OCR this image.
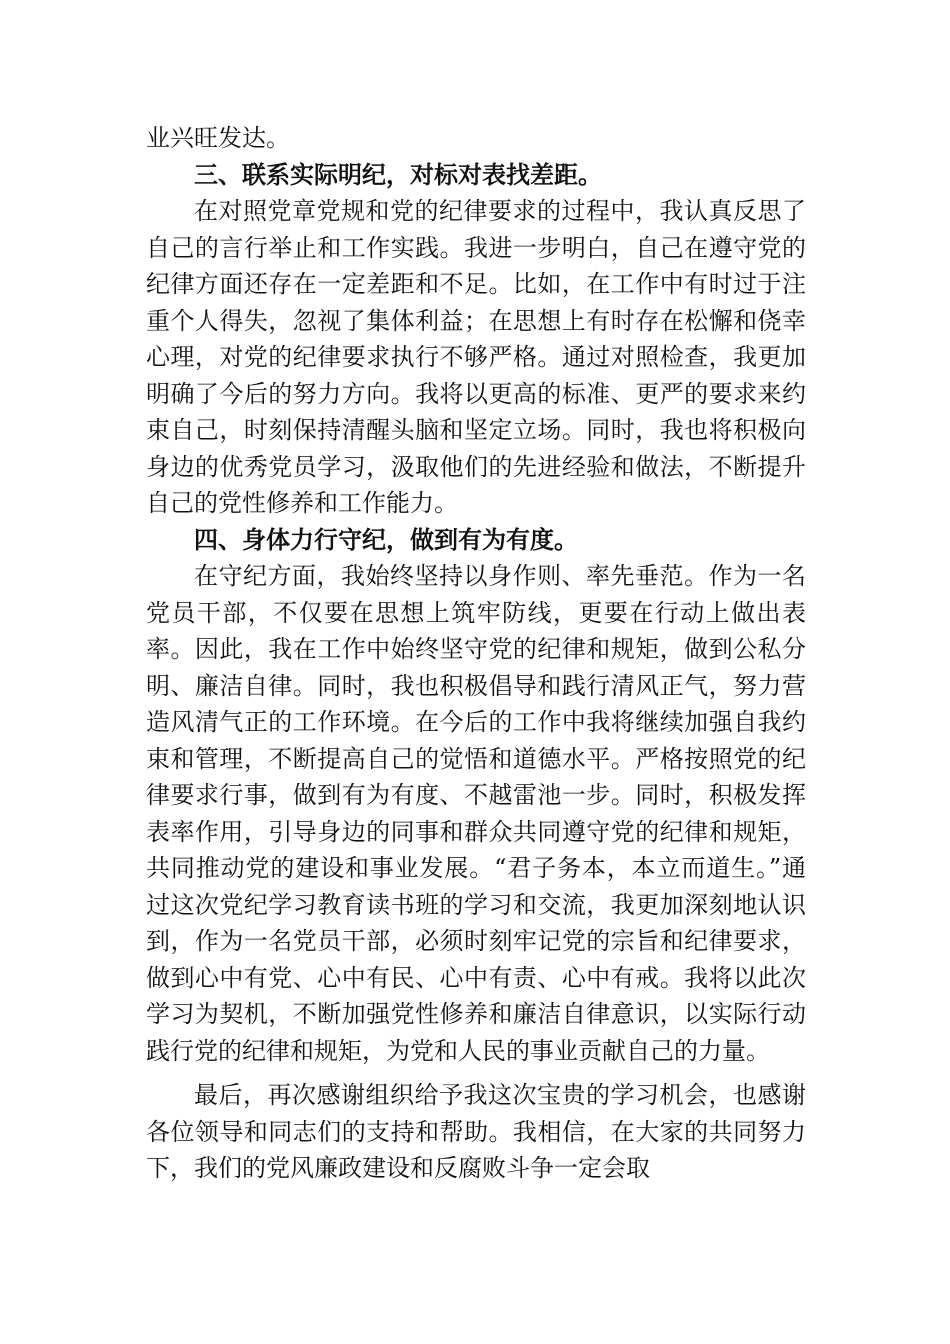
业兴旺发达。

三、联系实际明纪，对标对表找差距。

在对照党章党规和党的纪律要求的过程中，我认真反思了自己的言行举止和工作实践。我进一步明白，自己在遵守党的纪律方面还存在一定差距和不足。比如，在工作中有时过于注重个人得失，忽视了集体利益；在思想上有时存在松懈和侥幸心理，对党的纪律要求执行不够严格。通过对照检查，我更加明确了今后的努力方向。我将以更高的标准、更严的要求来约束自己，时刻保持清醒头脑和坚定立场。同时，我也将积极向身边的优秀党员学习，汲取他们的先进经验和做法，不断提升自己的党性修养和工作能力。

四、身体力行守纪，做到有为有度。

在守纪方面，我始终坚持以身作则、率先垂范。作为一名党员干部，不仅要在思想上筑牢防线，更要在行动上做出表率。因此，我在工作中始终坚守党的纪律和规矩，做到公私分明、廉洁自律。同时，我也积极倡导和践行清风正气，努力营造风清气正的工作环境。在今后的工作中我将继续加强自我约束和管理，不断提高自己的觉悟和道德水平。严格按照党的纪律要求行事，做到有为有度、不越雷池一步。同时，积极发挥表率作用，引导身边的同事和群众共同遵守党的纪律和规矩，共同推动党的建设和事业发展。“君子务本，本立而道生。”通过这次党纪学习教育读书班的学习和交流，我更加深刻地认识到，作为一名党员干部，必须时刻牢记党的宗旨和纪律要求，做到心中有党、心中有民、心中有责、心中有戒。我将以此次学习为契机，不断加强党性修养和廉洁自律意识，以实际行动践行党的纪律和规矩，为党和人民的事业贡献自己的力量。

最后，再次感谢组织给予我这次宝贵的学习机会，也感谢各位领导和同志们的支持和帮助。我相信，在大家的共同努力下，我们的党风廉政建设和反腐败斗争一定会取
